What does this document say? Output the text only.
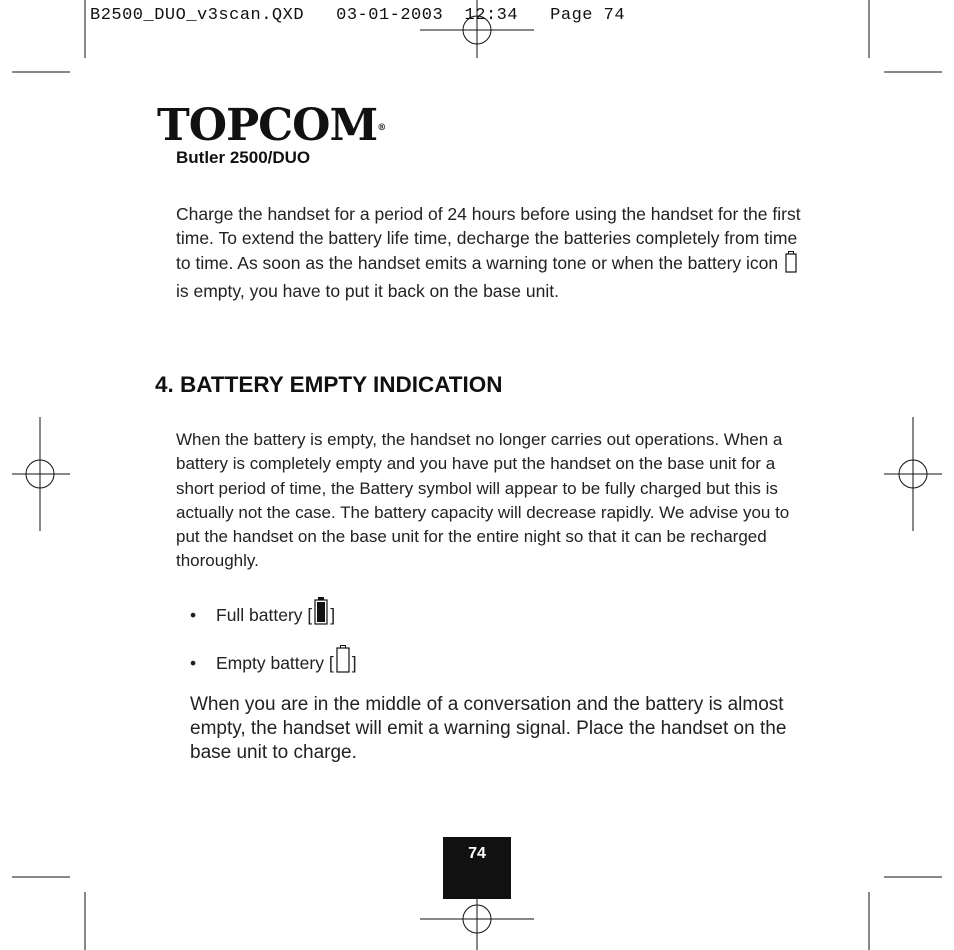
B2500_DUO_v3scan.QXD   03-01-2003  12:34   Page 74
TOPCOM®
Butler 2500/DUO
Charge the handset for a period of 24 hours before using the handset for the first time. To extend the battery life time, decharge the batteries completely from time to time. As soon as the handset emits a warning tone or when the battery icon  is empty, you have to put it back on the base unit.
4. BATTERY EMPTY INDICATION
When the battery is empty, the handset no longer carries out operations. When a battery is completely empty and you have put the handset on the base unit for a short period of time, the Battery symbol will appear to be fully charged but this is actually not the case. The battery capacity will decrease rapidly. We advise you to put the handset on the base unit for the entire night so that it can be recharged thoroughly.
• Full battery [ ]
• Empty battery [ ]
When you are in the middle of a conversation and the battery is almost empty, the handset will emit a warning signal. Place the handset on the base unit to charge.
74
